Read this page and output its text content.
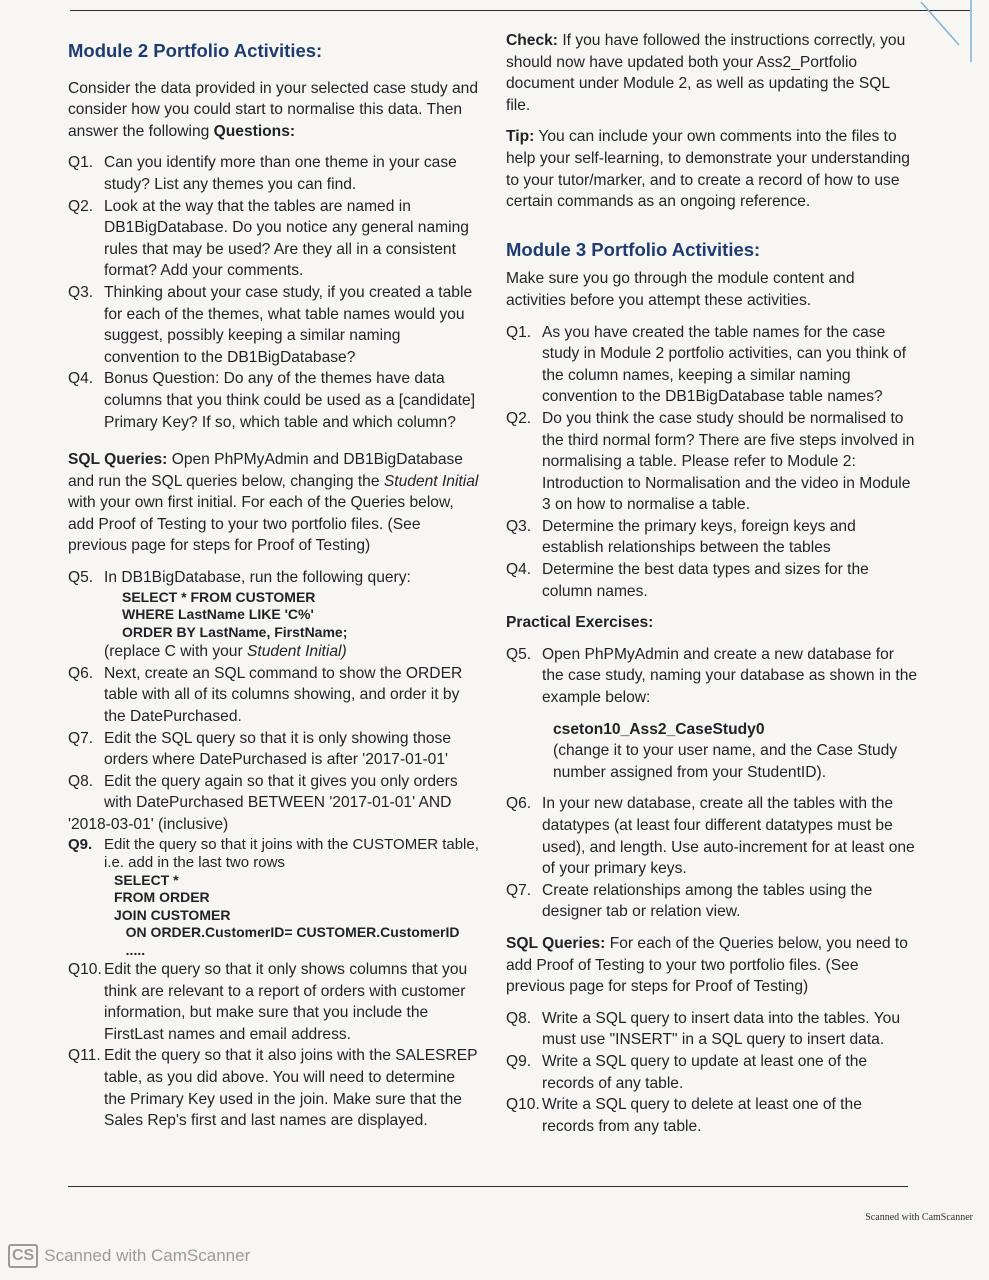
Module 2 Portfolio Activities:
Consider the data provided in your selected case study and consider how you could start to normalise this data. Then answer the following Questions:
Q1. Can you identify more than one theme in your case study? List any themes you can find.
Q2. Look at the way that the tables are named in DB1BigDatabase. Do you notice any general naming rules that may be used? Are they all in a consistent format? Add your comments.
Q3. Thinking about your case study, if you created a table for each of the themes, what table names would you suggest, possibly keeping a similar naming convention to the DB1BigDatabase?
Q4. Bonus Question: Do any of the themes have data columns that you think could be used as a [candidate] Primary Key? If so, which table and which column?
SQL Queries: Open PhPMyAdmin and DB1BigDatabase and run the SQL queries below, changing the Student Initial with your own first initial. For each of the Queries below, add Proof of Testing to your two portfolio files. (See previous page for steps for Proof of Testing)
Q5. In DB1BigDatabase, run the following query:
SELECT * FROM CUSTOMER
WHERE LastName LIKE 'C%'
ORDER BY LastName, FirstName;
(replace C with your Student Initial)
Q6. Next, create an SQL command to show the ORDER table with all of its columns showing, and order it by the DatePurchased.
Q7. Edit the SQL query so that it is only showing those orders where DatePurchased is after '2017-01-01'
Q8. Edit the query again so that it gives you only orders with DatePurchased BETWEEN '2017-01-01' AND
'2018-03-01' (inclusive)
Q9. Edit the query so that it joins with the CUSTOMER table, i.e. add in the last two rows
SELECT *
FROM ORDER
JOIN CUSTOMER
ON ORDER.CustomerID= CUSTOMER.CustomerID
.....
Q10. Edit the query so that it only shows columns that you think are relevant to a report of orders with customer information, but make sure that you include the FirstLast names and email address.
Q11. Edit the query so that it also joins with the SALESREP table, as you did above. You will need to determine the Primary Key used in the join. Make sure that the Sales Rep's first and last names are displayed.
Check: If you have followed the instructions correctly, you should now have updated both your Ass2_Portfolio document under Module 2, as well as updating the SQL file.
Tip: You can include your own comments into the files to help your self-learning, to demonstrate your understanding to your tutor/marker, and to create a record of how to use certain commands as an ongoing reference.
Module 3 Portfolio Activities:
Make sure you go through the module content and activities before you attempt these activities.
Q1. As you have created the table names for the case study in Module 2 portfolio activities, can you think of the column names, keeping a similar naming convention to the DB1BigDatabase table names?
Q2. Do you think the case study should be normalised to the third normal form? There are five steps involved in normalising a table. Please refer to Module 2: Introduction to Normalisation and the video in Module 3 on how to normalise a table.
Q3. Determine the primary keys, foreign keys and establish relationships between the tables
Q4. Determine the best data types and sizes for the column names.
Practical Exercises:
Q5. Open PhPMyAdmin and create a new database for the case study, naming your database as shown in the example below:
cseton10_Ass2_CaseStudy0
(change it to your user name, and the Case Study number assigned from your StudentID).
Q6. In your new database, create all the tables with the datatypes (at least four different datatypes must be used), and length. Use auto-increment for at least one of your primary keys.
Q7. Create relationships among the tables using the designer tab or relation view.
SQL Queries: For each of the Queries below, you need to add Proof of Testing to your two portfolio files. (See previous page for steps for Proof of Testing)
Q8. Write a SQL query to insert data into the tables. You must use "INSERT" in a SQL query to insert data.
Q9. Write a SQL query to update at least one of the records of any table.
Q10. Write a SQL query to delete at least one of the records from any table.
Scanned with CamScanner
CS Scanned with CamScanner
